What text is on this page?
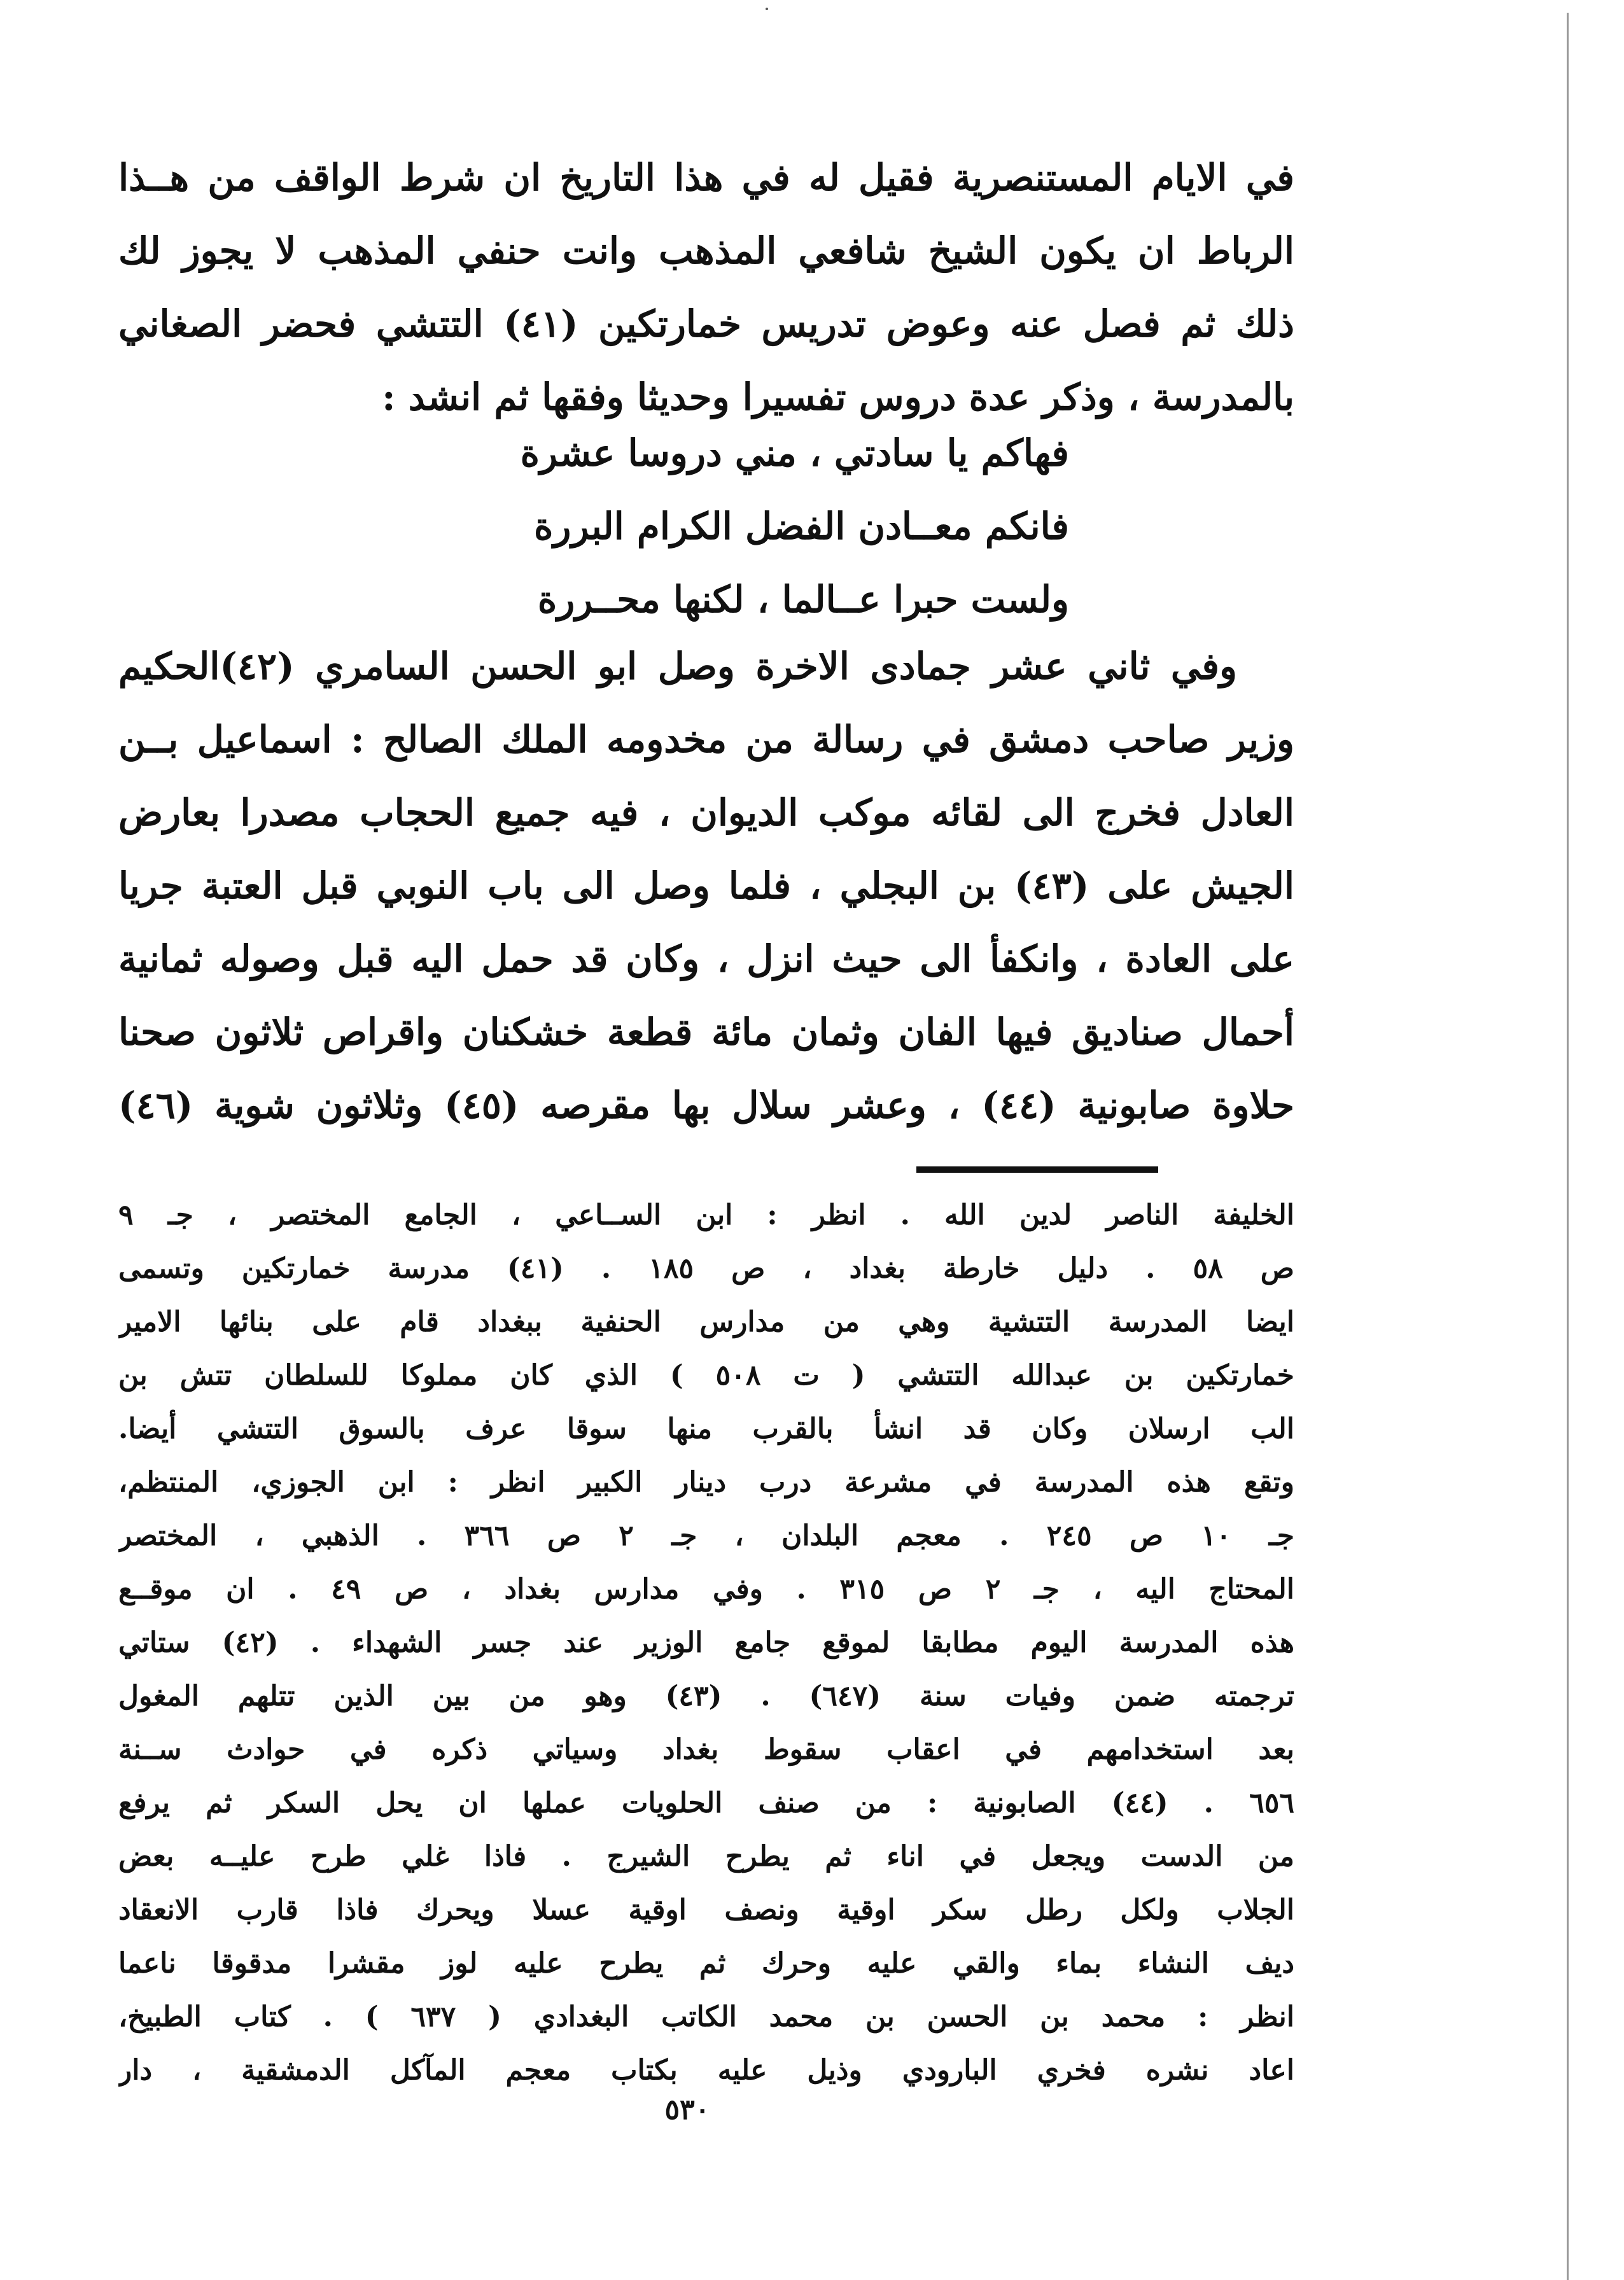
في الايام المستنصرية فقيل له في هذا التاريخ ان شرط الواقف من هــذا
الرباط ان يكون الشيخ شافعي المذهب وانت حنفي المذهب لا يجوز لك
ذلك ثم فصل عنه وعوض تدريس خمارتكين (٤١) التتشي فحضر الصغاني
بالمدرسة ، وذكر عدة دروس تفسيرا وحديثا وفقها ثم انشد :
فهاكم يا سادتي ، مني دروسا عشرة
فانكم معــادن الفضل الكرام البررة
ولست حبرا عــالما ، لكنها محــررة
وفي ثاني عشر جمادى الاخرة وصل ابو الحسن السامري (٤٢)الحكيم
وزير صاحب دمشق في رسالة من مخدومه الملك الصالح : اسماعيل بــن
العادل فخرج الى لقائه موكب الديوان ، فيه جميع الحجاب مصدرا بعارض
الجيش على (٤٣) بن البجلي ، فلما وصل الى باب النوبي قبل العتبة جريا
على العادة ، وانكفأ الى حيث انزل ، وكان قد حمل اليه قبل وصوله ثمانية
أحمال صناديق فيها الفان وثمان مائة قطعة خشكنان واقراص ثلاثون صحنا
حلاوة صابونية (٤٤) ، وعشر سلال بها مقرصه (٤٥) وثلاثون شوية (٤٦)
الخليفة الناصر لدين الله . انظر : ابن الســاعي ، الجامع المختصر ، جـ ٩
ص ٥٨ . دليل خارطة بغداد ، ص ١٨٥ . (٤١) مدرسة خمارتكين وتسمى
ايضا المدرسة التتشية وهي من مدارس الحنفية ببغداد قام على بنائها الامير
خمارتكين بن عبدالله التتشي ( ت ٥٠٨ ) الذي كان مملوكا للسلطان تتش بن
الب ارسلان وكان قد انشأ بالقرب منها سوقا عرف بالسوق التتشي أيضا.
وتقع هذه المدرسة في مشرعة درب دينار الكبير انظر : ابن الجوزي، المنتظم،
جـ ١٠ ص ٢٤٥ . معجم البلدان ، جـ ٢ ص ٣٦٦ . الذهبي ، المختصر
المحتاج اليه ، جـ ٢ ص ٣١٥ . وفي مدارس بغداد ، ص ٤٩ . ان موقــع
هذه المدرسة اليوم مطابقا لموقع جامع الوزير عند جسر الشهداء . (٤٢) ستاتي
ترجمته ضمن وفيات سنة (٦٤٧) . (٤٣) وهو من بين الذين تتلهم المغول
بعد استخدامهم في اعقاب سقوط بغداد وسياتي ذكره في حوادث ســنة
٦٥٦ . (٤٤) الصابونية : من صنف الحلويات عملها ان يحل السكر ثم يرفع
من الدست ويجعل في اناء ثم يطرح الشيرج . فاذا غلي طرح عليــه بعض
الجلاب ولكل رطل سكر اوقية ونصف اوقية عسلا ويحرك فاذا قارب الانعقاد
ديف النشاء بماء والقي عليه وحرك ثم يطرح عليه لوز مقشرا مدقوقا ناعما
انظر : محمد بن الحسن بن محمد الكاتب البغدادي ( ٦٣٧ ) . كتاب الطبيخ،
اعاد نشره فخري البارودي وذيل عليه بكتاب معجم المآكل الدمشقية ، دار
٥٣٠
